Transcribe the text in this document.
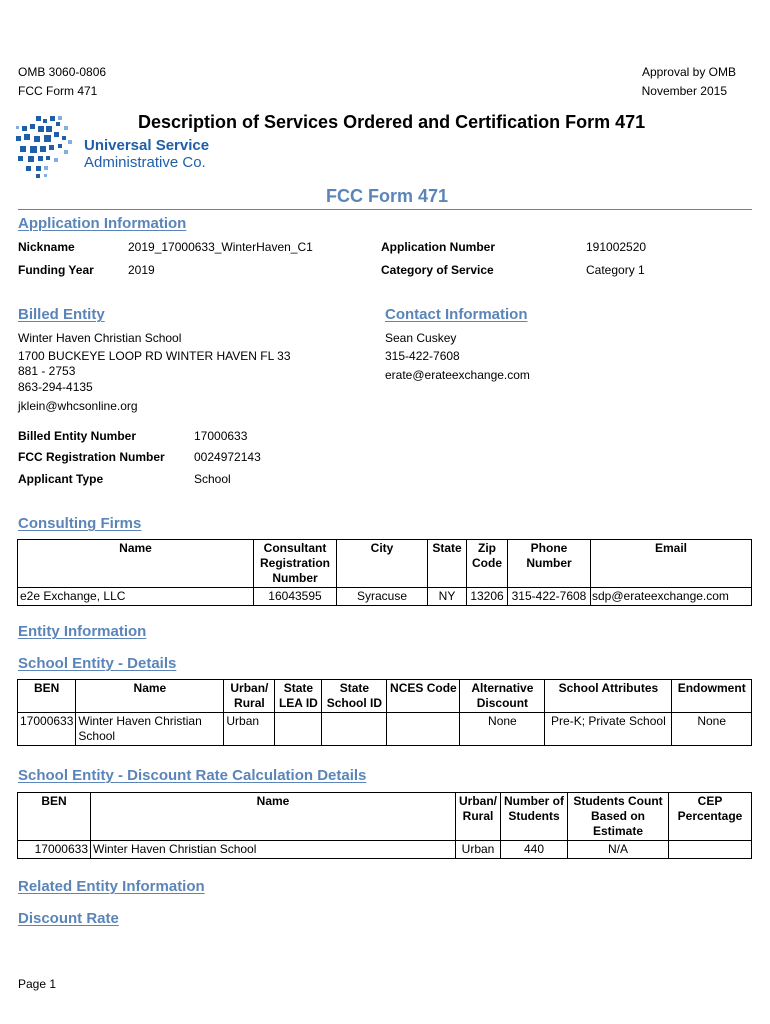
OMB 3060-0806
FCC Form 471
Approval by OMB
November 2015
Description of Services Ordered and Certification Form 471
Universal Service
Administrative Co.
FCC Form 471
Application Information
Nickname	2019_17000633_WinterHaven_C1
Funding Year	2019
Application Number	191002520
Category of Service	Category 1
Billed Entity
Winter Haven Christian School
1700 BUCKEYE LOOP RD WINTER HAVEN FL 33
881 - 2753
863-294-4135
jklein@whcsonline.org
Contact Information
Sean Cuskey
315-422-7608
erate@erateexchange.com
Billed Entity Number	17000633
FCC Registration Number 0024972143
Applicant Type	School
Consulting Firms
Name	Consultant Registration Number	City	State	Zip Code	Phone Number	Email
e2e Exchange, LLC	16043595	Syracuse	NY	13206	315-422-7608	sdp@erateexchange.com
Entity Information
School Entity - Details
BEN	Name	Urban/ Rural	State LEA ID	State School ID	NCES Code	Alternative Discount	School Attributes	Endowment
17000633	Winter Haven Christian School	Urban				None	Pre-K; Private School	None
School Entity - Discount Rate Calculation Details
BEN	Name	Urban/ Rural	Number of Students	Students Count Based on Estimate	CEP Percentage
17000633	Winter Haven Christian School	Urban	440	N/A	
Related Entity Information
Discount Rate
Page 1
